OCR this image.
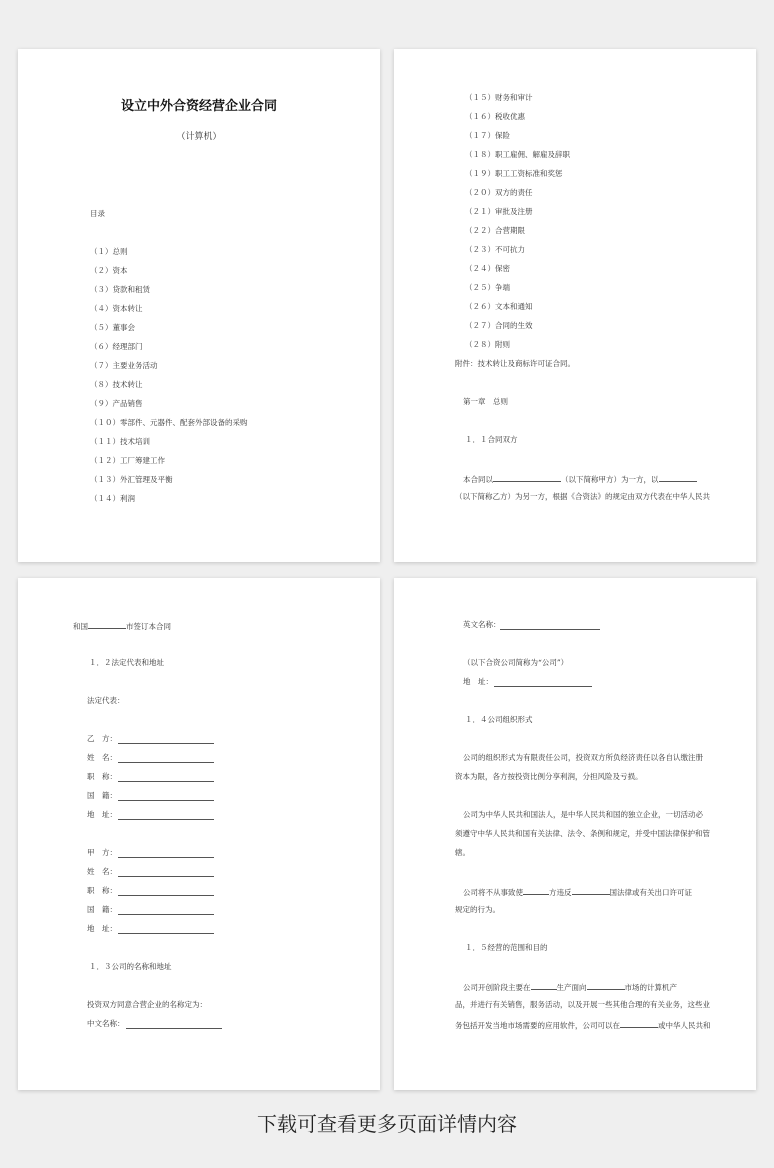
设立中外合资经营企业合同
（计算机）
目录
（１）总则
（２）资本
（３）贷款和租赁
（４）资本转让
（５）董事会
（６）经理部门
（７）主要业务活动
（８）技术转让
（９）产品销售
（１０）零部件、元器件、配套外部设备的采购
（１１）技术培训
（１２）工厂筹建工作
（１３）外汇管理及平衡
（１４）利润
（１５）财务和审计
（１６）税收优惠
（１７）保险
（１８）职工雇佣、解雇及辞职
（１９）职工工资标准和奖惩
（２０）双方的责任
（２１）审批及注册
（２２）合营期限
（２３）不可抗力
（２４）保密
（２５）争端
（２６）文本和通知
（２７）合同的生效
（２８）附则
附件：技术转让及商标许可证合同。
第一章　总则
１．１合同双方
本合同以	（以下简称甲方）为一方，以
（以下简称乙方）为另一方，根据《合资法》的规定由双方代表在中华人民共
和国	市签订本合同
１．２法定代表和地址
法定代表：
乙　方：
姓　名：
职　称：
国　籍：
地　址：
甲　方：
姓　名：
职　称：
国　籍：
地　址：
１．３公司的名称和地址
投资双方同意合营企业的名称定为：
中文名称：
英文名称：
（以下合资公司简称为“公司”）
地　址：
１．４公司组织形式
公司的组织形式为有限责任公司，投资双方所负经济责任以各自认缴注册
资本为限，各方按投资比例分享利润，分担风险及亏损。
公司为中华人民共和国法人，是中华人民共和国的独立企业，一切活动必
须遵守中华人民共和国有关法律、法令、条例和规定，并受中国法律保护和管
辖。
公司将不从事致使	方违反	国法律或有关出口许可证
规定的行为。
１．５经营的范围和目的
公司开创阶段主要在	生产面向	市场的计算机产
品，并进行有关销售，服务活动，以及开展一些其他合理的有关业务，这些业
务包括开发当地市场需要的应用软件，公司可以在	或中华人民共和
下载可查看更多页面详情内容
